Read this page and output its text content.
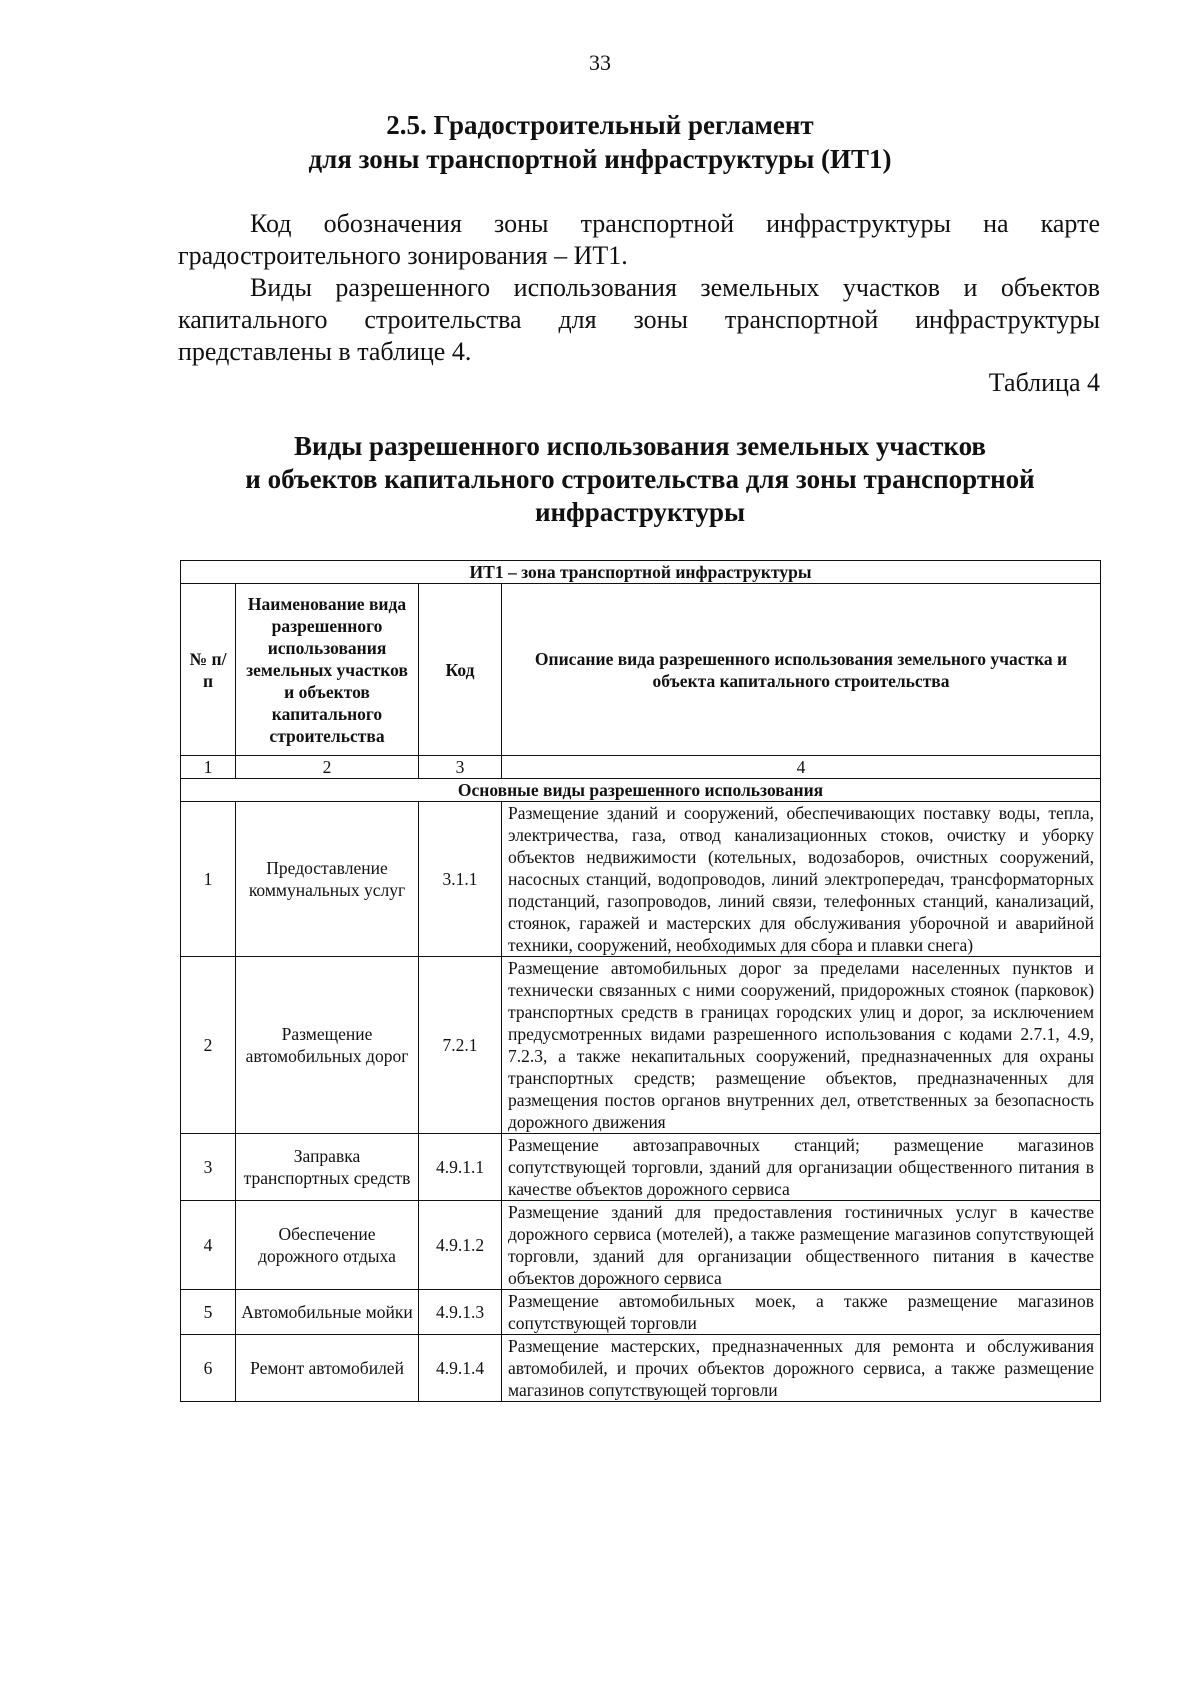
33
2.5. Градостроительный регламент
для зоны транспортной инфраструктуры (ИТ1)
Код обозначения зоны транспортной инфраструктуры на карте градостроительного зонирования – ИТ1.
Виды разрешенного использования земельных участков и объектов капитального строительства для зоны транспортной инфраструктуры представлены в таблице 4.
Таблица 4
Виды разрешенного использования земельных участков
и объектов капитального строительства для зоны транспортной
инфраструктуры
ИТ1 – зона транспортной инфраструктуры			
№ п/п	Наименование вида разрешенного использования земельных участков и объектов капитального строительства	Код	Описание вида разрешенного использования земельного участка и объекта капитального строительства
1	2	3	4
Основные виды разрешенного использования			
1	Предоставление коммунальных услуг	3.1.1	Размещение зданий и сооружений, обеспечивающих поставку воды, тепла, электричества, газа, отвод канализационных стоков, очистку и уборку объектов недвижимости (котельных, водозаборов, очистных сооружений, насосных станций, водопроводов, линий электропередач, трансформаторных подстанций, газопроводов, линий связи, телефонных станций, канализаций, стоянок, гаражей и мастерских для обслуживания уборочной и аварийной техники, сооружений, необходимых для сбора и плавки снега)
2	Размещение автомобильных дорог	7.2.1	Размещение автомобильных дорог за пределами населенных пунктов и технически связанных с ними сооружений, придорожных стоянок (парковок) транспортных средств в границах городских улиц и дорог, за исключением предусмотренных видами разрешенного использования с кодами 2.7.1, 4.9, 7.2.3, а также некапитальных сооружений, предназначенных для охраны транспортных средств; размещение объектов, предназначенных для размещения постов органов внутренних дел, ответственных за безопасность дорожного движения
3	Заправка транспортных средств	4.9.1.1	Размещение автозаправочных станций; размещение магазинов сопутствующей торговли, зданий для организации общественного питания в качестве объектов дорожного сервиса
4	Обеспечение дорожного отдыха	4.9.1.2	Размещение зданий для предоставления гостиничных услуг в качестве дорожного сервиса (мотелей), а также размещение магазинов сопутствующей торговли, зданий для организации общественного питания в качестве объектов дорожного сервиса
5	Автомобильные мойки	4.9.1.3	Размещение автомобильных моек, а также размещение магазинов сопутствующей торговли
6	Ремонт автомобилей	4.9.1.4	Размещение мастерских, предназначенных для ремонта и обслуживания автомобилей, и прочих объектов дорожного сервиса, а также размещение магазинов сопутствующей торговли
